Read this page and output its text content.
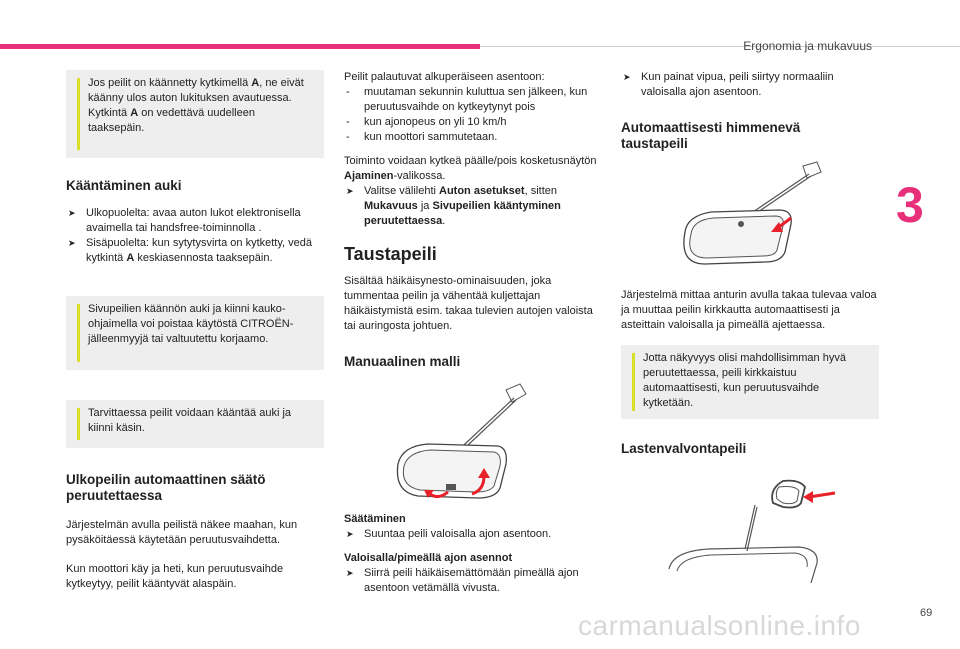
Ergonomia ja mukavuus
3
69
carmanualsonline.info
Jos peilit on käännetty kytkimellä A, ne eivät käänny ulos auton lukituksen avautuessa. Kytkintä A on vedettävä uudelleen taaksepäin.
Kääntäminen auki
➤ Ulkopuolelta: avaa auton lukot elektronisella avaimella tai handsfree-toiminnolla .
➤ Sisäpuolelta: kun sytytysvirta on kytketty, vedä kytkintä A keskiasennosta taaksepäin.
Sivupeilien käännön auki ja kiinni kauko-ohjaimella voi poistaa käytöstä CITROËN-jälleenmyyjä tai valtuutettu korjaamo.
Tarvittaessa peilit voidaan kääntää auki ja kiinni käsin.
Ulkopeilin automaattinen säätö peruutettaessa

Järjestelmän avulla peilistä näkee maahan, kun pysäköitäessä käytetään peruutusvaihdetta.

Kun moottori käy ja heti, kun peruutusvaihde kytkeytyy, peilit kääntyvät alaspäin.

Peilit palautuvat alkuperäiseen asentoon:

- muutaman sekunnin kuluttua sen jälkeen, kun peruutusvaihde on kytkeytynyt pois
- kun ajonopeus on yli 10 km/h
- kun moottori sammutetaan.

Toiminto voidaan kytkeä päälle/pois kosketusnäytön Ajaminen-valikossa.

➤ Valitse välilehti Auton asetukset, sitten Mukavuus ja Sivupeilien kääntyminen peruutettaessa.
Taustapeili

Sisältää häikäisynesto-ominaisuuden, joka tummentaa peilin ja vähentää kuljettajan häikäistymistä esim. takaa tulevien autojen valoista tai auringosta johtuen.

Manuaalinen malli

Säätäminen

➤ Suuntaa peili valoisalla ajon asentoon.

Valoisalla/pimeällä ajon asennot

➤ Siirrä peili häikäisemättömään pimeällä ajon asentoon vetämällä vivusta.
➤ Kun painat vipua, peili siirtyy normaaliin valoisalla ajon asentoon.
Automaattisesti himmenevä taustapeili

Järjestelmä mittaa anturin avulla takaa tulevaa valoa ja muuttaa peilin kirkkautta automaattisesti ja asteittain valoisalla ja pimeällä ajettaessa.

Jotta näkyvyys olisi mahdollisimman hyvä peruutettaessa, peili kirkkaistuu automaattisesti, kun peruutusvaihde kytketään.
Lastenvalvontapeili
